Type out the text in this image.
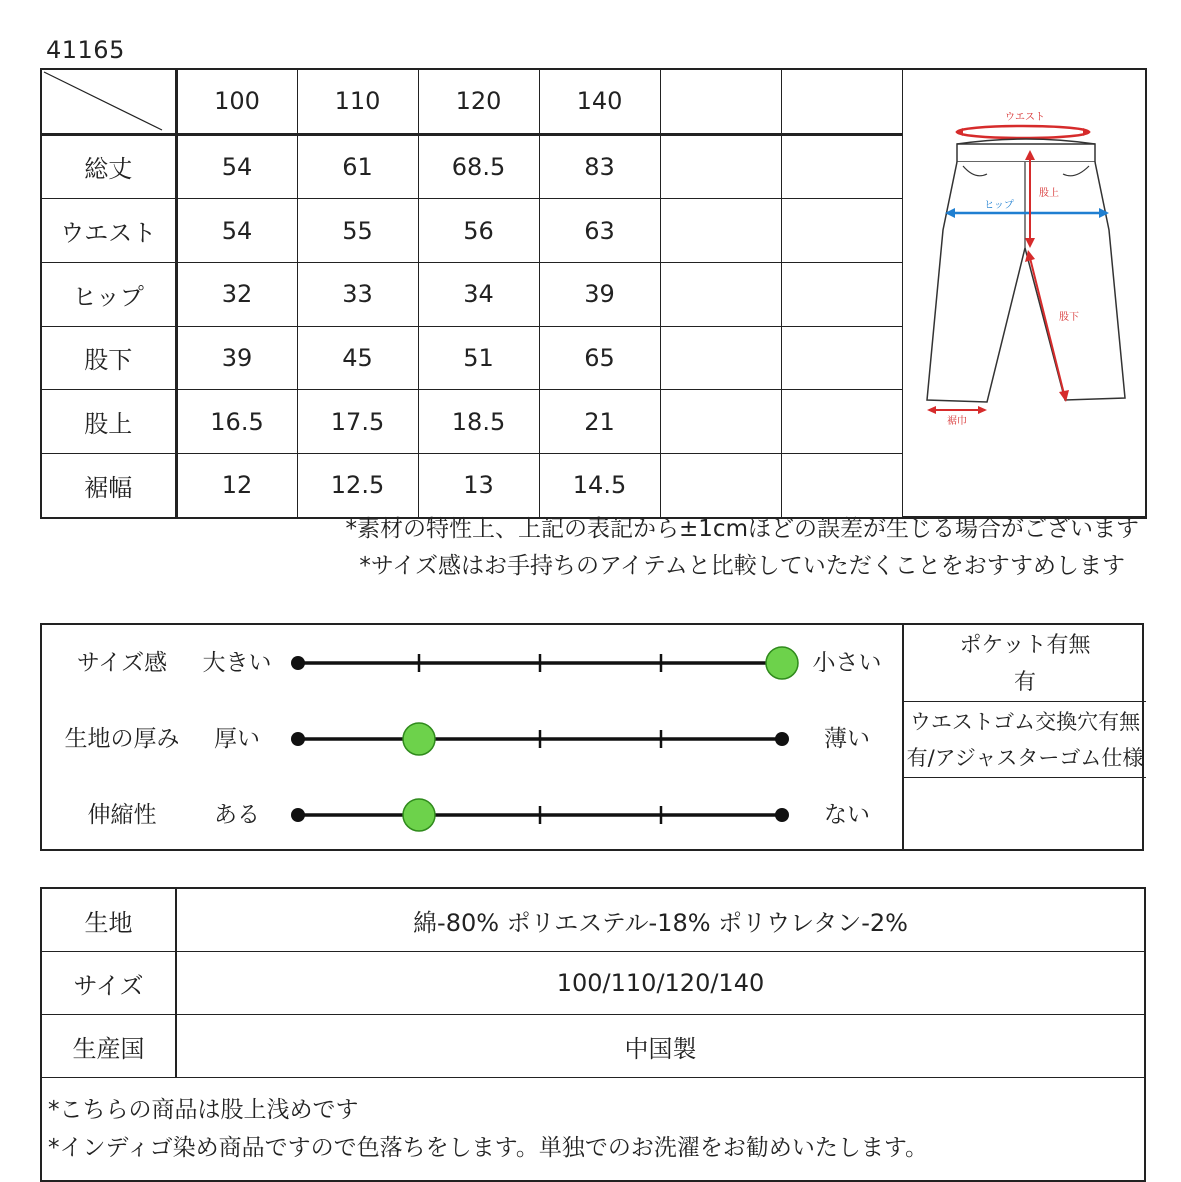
41165
	100	110	120	140			ウエスト
ヒップ
股上
股下
裾巾

総丈	54	61	68.5	83			
ウエスト	54	55	56	63			
ヒップ	32	33	34	39			
股下	39	45	51	65			
股上	16.5	17.5	18.5	21			
裾幅	12	12.5	13	14.5			
*素材の特性上、上記の表記から±1cmほどの誤差が生じる場合がございます
*サイズ感はお手持ちのアイテムと比較していただくことをおすすめします
サイズ感	大きい	小さい
生地の厚み	厚い	薄い
伸縮性	ある	ない
ポケット有無
有
ウエストゴム交換穴有無
有/アジャスターゴム仕様
生地	綿-80% ポリエステル-18% ポリウレタン-2%
サイズ	100/110/120/140
生産国	中国製

*こちらの商品は股上浅めです
*インディゴ染め商品ですので色落ちをします。単独でのお洗濯をお勧めいたします。	
